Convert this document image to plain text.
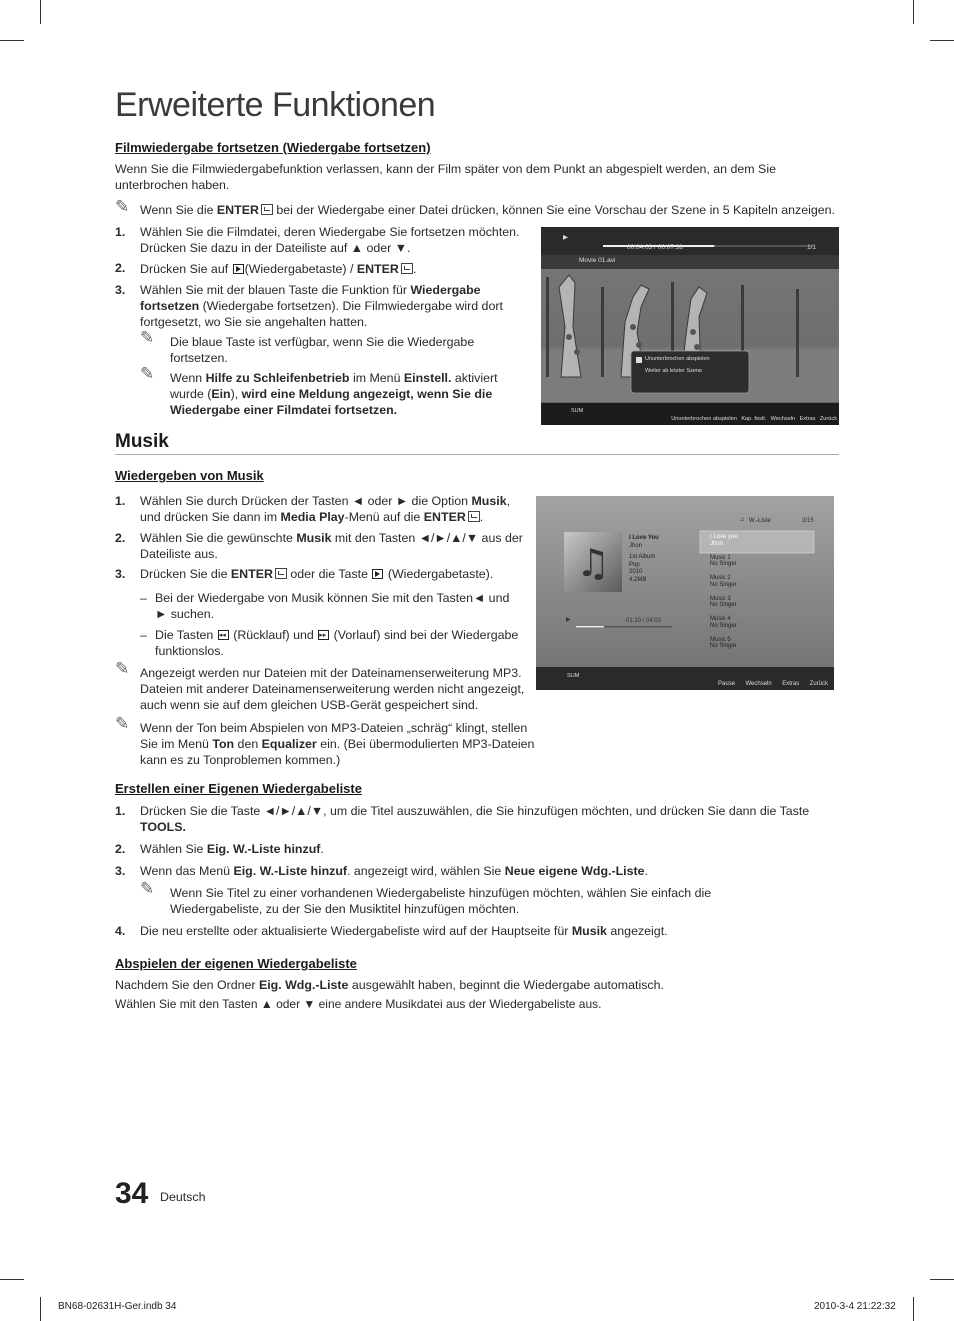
Erweiterte Funktionen
Filmwiedergabe fortsetzen (Wiedergabe fortsetzen)

Wenn Sie die Filmwiedergabefunktion verlassen, kann der Film später von dem Punkt an abgespielt werden, an dem Sie unterbrochen haben.

✎ Wenn Sie die ENTER bei der Wiedergabe einer Datei drücken, können Sie eine Vorschau der Szene in 5 Kapiteln anzeigen.

1. Wählen Sie die Filmdatei, deren Wiedergabe Sie fortsetzen möchten. Drücken Sie dazu in der Dateiliste auf ▲ oder ▼.

2. Drücken Sie auf (Wiedergabetaste) / ENTER .

3. Wählen Sie mit der blauen Taste die Funktion für Wiedergabe fortsetzen (Wiedergabe fortsetzen). Die Filmwiedergabe wird dort fortgesetzt, wo Sie sie angehalten hatten.

✎ Die blaue Taste ist verfügbar, wenn Sie die Wiedergabe fortsetzen.

✎ Wenn Hilfe zu Schleifenbetrieb im Menü Einstell. aktiviert wurde (Ein), wird eine Meldung angezeigt, wenn Sie die Wiedergabe einer Filmdatei fortsetzen.

▶
00:04:03 / 00:07:38	1/1
Movie 01.avi
Ununterbrochen abspielen
Weiter ab letzter Szene
SUM
Ununterbrochen abspielen Kap. festl. Wechseln Extras Zurück
Musik
Wiedergeben von Musik
1. Wählen Sie durch Drücken der Tasten ◄ oder ► die Option Musik, und drücken Sie dann im Media Play-Menü auf die ENTER .

2. Wählen Sie die gewünschte Musik mit den Tasten ◄/►/▲/▼ aus der Dateiliste aus.

3. Drücken Sie die ENTER oder die Taste  (Wiedergabetaste).

– Bei der Wiedergabe von Musik können Sie mit den Tasten◄ und ► suchen.

– Die Tasten ◂◂ (Rücklauf) und ▸▸ (Vorlauf) sind bei der Wiedergabe funktionslos.

✎ Angezeigt werden nur Dateien mit der Dateinamenserweiterung MP3. Dateien mit anderer Dateinamenserweiterung werden nicht angezeigt, auch wenn sie auf dem gleichen USB-Gerät gespeichert sind.

✎ Wenn der Ton beim Abspielen von MP3-Dateien „schräg“ klingt, stellen Sie im Menü Ton den Equalizer ein. (Bei übermodulierten MP3-Dateien kann es zu Tonproblemen kommen.)

♫
♫ W.-Liste	3/15
I Love You
Jhon
1st Album
Pop
2010
4.2MB
▶	01:10 / 04:02
I Love you
Jhon
Music 1
No Singer
Music 2
No Singer
Music 3
No Singer
Music 4
No Singer
Music 5
No Singer
SUM
Pause Wechseln Extras Zurück
Erstellen einer Eigenen Wiedergabeliste
1. Drücken Sie die Taste ◄/►/▲/▼, um die Titel auszuwählen, die Sie hinzufügen möchten, und drücken Sie dann die Taste TOOLS.

2. Wählen Sie Eig. W.-Liste hinzuf.

3. Wenn das Menü Eig. W.-Liste hinzuf. angezeigt wird, wählen Sie Neue eigene Wdg.-Liste.

✎ Wenn Sie Titel zu einer vorhandenen Wiedergabeliste hinzufügen möchten, wählen Sie einfach die Wiedergabeliste, zu der Sie den Musiktitel hinzufügen möchten.

4. Die neu erstellte oder aktualisierte Wiedergabeliste wird auf der Hauptseite für Musik angezeigt.

Abspielen der eigenen Wiedergabeliste

Nachdem Sie den Ordner Eig. Wdg.-Liste ausgewählt haben, beginnt die Wiedergabe automatisch.

Wählen Sie mit den Tasten ▲ oder ▼ eine andere Musikdatei aus der Wiedergabeliste aus.

34 Deutsch
BN68-02631H-Ger.indb 34	2010-3-4 21:22:32
